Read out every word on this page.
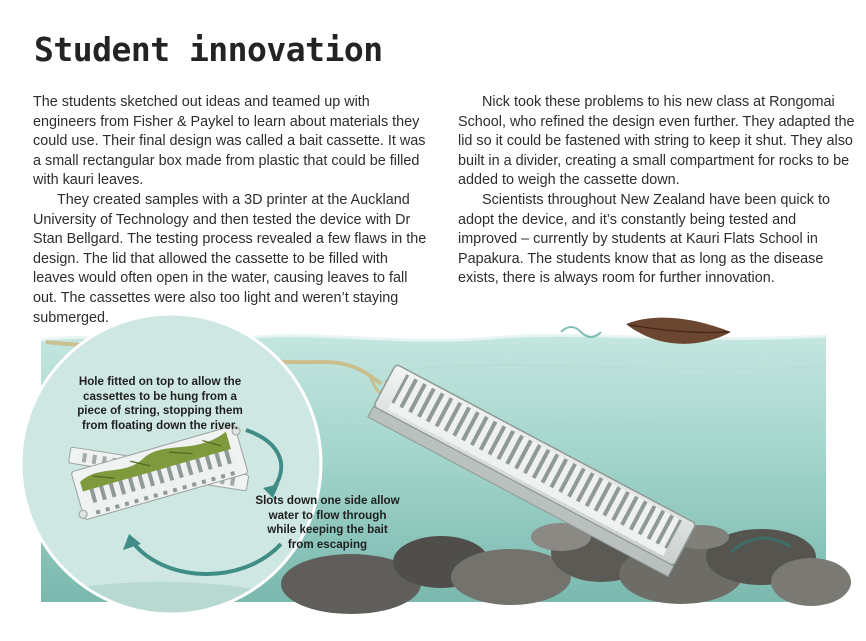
Student innovation

The students sketched out ideas and teamed up with engineers from Fisher & Paykel to learn about materials they could use. Their final design was called a bait cassette. It was a small rectangular box made from plastic that could be filled with kauri leaves.

They created samples with a 3D printer at the Auckland University of Technology and then tested the device with Dr Stan Bellgard. The testing process revealed a few flaws in the design. The lid that allowed the cassette to be filled with leaves would often open in the water, causing leaves to fall out. The cassettes were also too light and weren’t staying submerged.

Nick took these problems to his new class at Rongomai School, who refined the design even further. They adapted the lid so it could be fastened with string to keep it shut. They also built in a divider, creating a small compartment for rocks to be added to weigh the cassette down.

Scientists throughout New Zealand have been quick to adopt the device, and it’s constantly being tested and improved – currently by students at Kauri Flats School in Papakura. The students know that as long as the disease exists, there is always room for further innovation.

Hole fitted on top to allow the cassettes to be hung from a piece of string, stopping them from floating down the river.
Slots down one side allow water to flow through while keeping the bait from escaping
